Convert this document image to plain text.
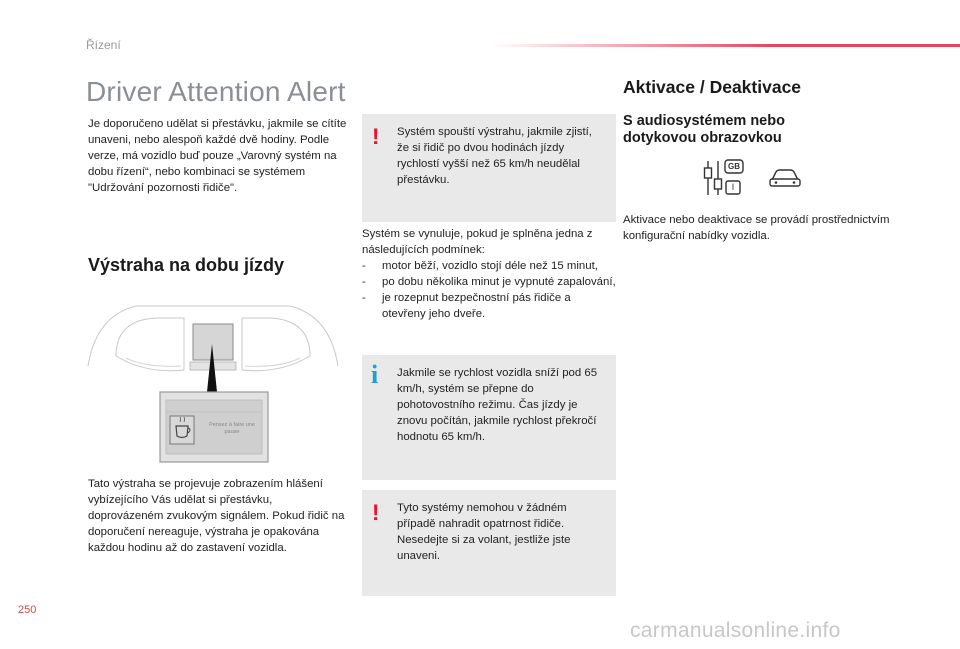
Řízení
Driver Attention Alert
Je doporučeno udělat si přestávku, jakmile se cítíte unaveni, nebo alespoň každé dvě hodiny. Podle verze, má vozidlo buď pouze „Varovný systém na dobu řízení“, nebo kombinaci se systémem "Udržování pozornosti řidiče".
Výstraha na dobu jízdy
Pensez à faire une pause
Tato výstraha se projevuje zobrazením hlášení vybízejícího Vás udělat si přestávku, doprovázeném zvukovým signálem. Pokud řidič na doporučení nereaguje, výstraha je opakována každou hodinu až do zastavení vozidla.
! Systém spouští výstrahu, jakmile zjistí, že si řidič po dvou hodinách jízdy rychlostí vyšší než 65 km/h neudělal přestávku.
Systém se vynuluje, pokud je splněna jedna z následujících podmínek:
- motor běží, vozidlo stojí déle než 15 minut,
- po dobu několika minut je vypnuté zapalování,
- je rozepnut bezpečnostní pás řidiče a otevřeny jeho dveře.
i Jakmile se rychlost vozidla sníží pod 65 km/h, systém se přepne do pohotovostního režimu. Čas jízdy je znovu počítán, jakmile rychlost překročí hodnotu 65 km/h.
! Tyto systémy nemohou v žádném případě nahradit opatrnost řidiče. Nesedejte si za volant, jestliže jste unaveni.
Aktivace / Deaktivace
S audiosystémem nebo dotykovou obrazovkou
GB
I
Aktivace nebo deaktivace se provádí prostřednictvím konfigurační nabídky vozidla.
250
carmanualsonline.info
